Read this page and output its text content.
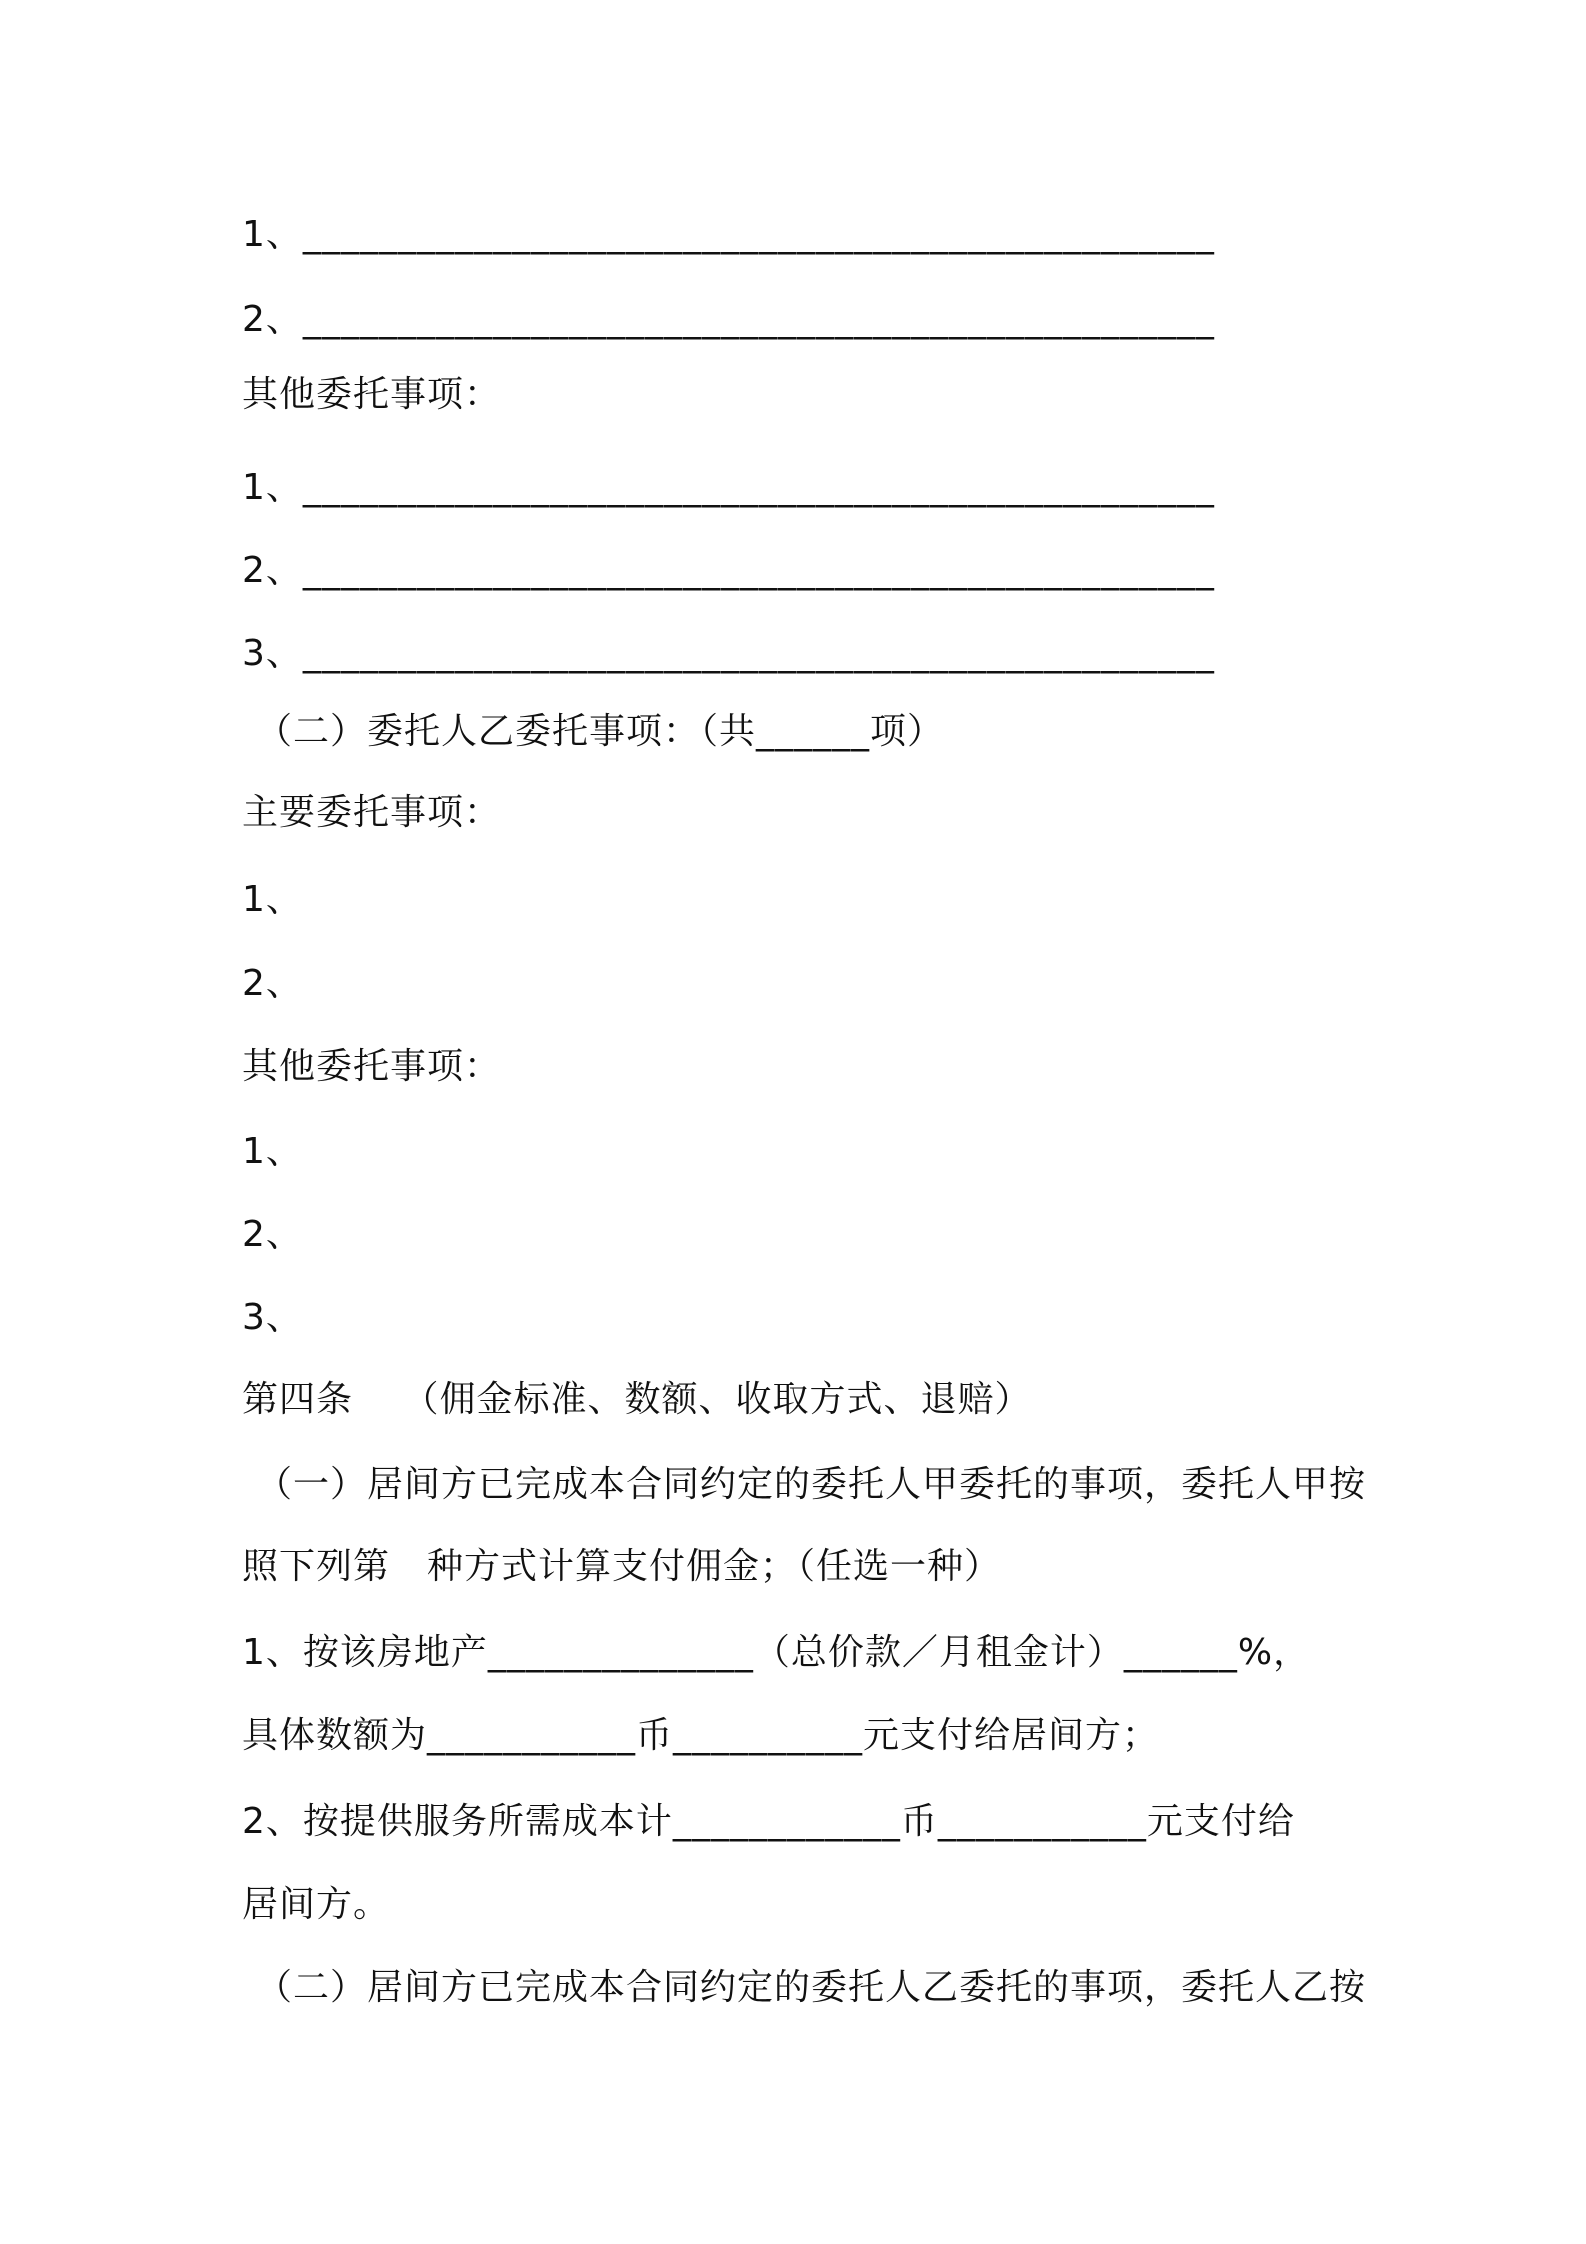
1、________________________________________________
2、________________________________________________
其他委托事项：
1、________________________________________________
2、________________________________________________
3、________________________________________________
（二）委托人乙委托事项：（共______项）
主要委托事项：
1、
2、
其他委托事项：
1、
2、
3、
第四条　 （佣金标准、数额、收取方式、退赔）
（一）居间方已完成本合同约定的委托人甲委托的事项，委托人甲按
照下列第　种方式计算支付佣金；（任选一种）
1、按该房地产______________（总价款／月租金计）______%，
具体数额为___________币__________元支付给居间方；
2、按提供服务所需成本计____________币___________元支付给
居间方。
（二）居间方已完成本合同约定的委托人乙委托的事项，委托人乙按
